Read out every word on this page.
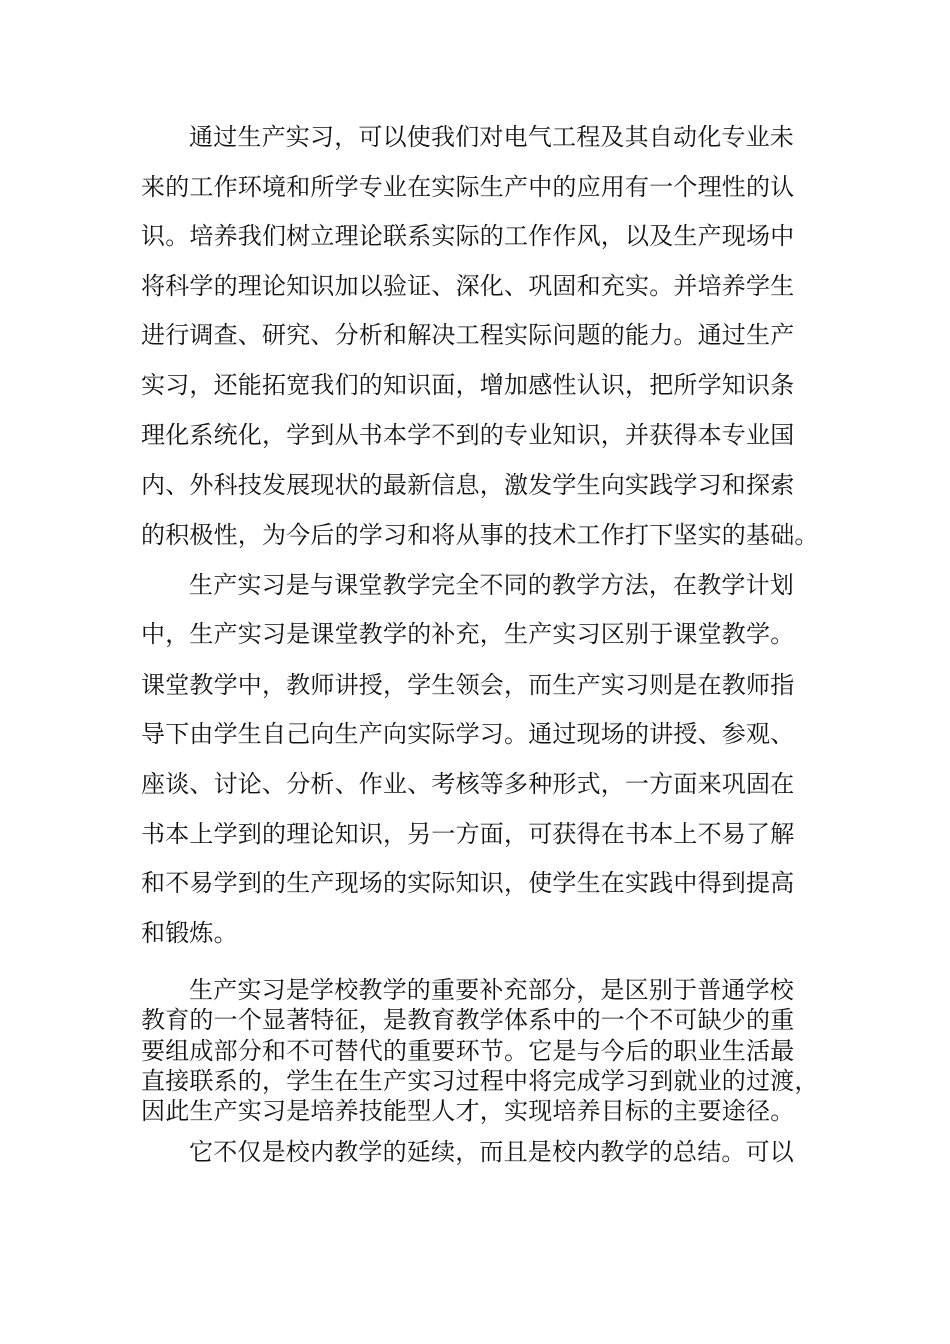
通过生产实习，可以使我们对电气工程及其自动化专业未
来的工作环境和所学专业在实际生产中的应用有一个理性的认
识。培养我们树立理论联系实际的工作作风，以及生产现场中
将科学的理论知识加以验证、深化、巩固和充实。并培养学生
进行调查、研究、分析和解决工程实际问题的能力。通过生产
实习，还能拓宽我们的知识面，增加感性认识，把所学知识条
理化系统化，学到从书本学不到的专业知识，并获得本专业国
内、外科技发展现状的最新信息，激发学生向实践学习和探索
的积极性，为今后的学习和将从事的技术工作打下坚实的基础。
生产实习是与课堂教学完全不同的教学方法，在教学计划
中，生产实习是课堂教学的补充，生产实习区别于课堂教学。
课堂教学中，教师讲授，学生领会，而生产实习则是在教师指
导下由学生自己向生产向实际学习。通过现场的讲授、参观、
座谈、讨论、分析、作业、考核等多种形式，一方面来巩固在
书本上学到的理论知识，另一方面，可获得在书本上不易了解
和不易学到的生产现场的实际知识，使学生在实践中得到提高
和锻炼。
生产实习是学校教学的重要补充部分，是区别于普通学校
教育的一个显著特征，是教育教学体系中的一个不可缺少的重
要组成部分和不可替代的重要环节。它是与今后的职业生活最
直接联系的，学生在生产实习过程中将完成学习到就业的过渡，
因此生产实习是培养技能型人才，实现培养目标的主要途径。
它不仅是校内教学的延续，而且是校内教学的总结。可以
